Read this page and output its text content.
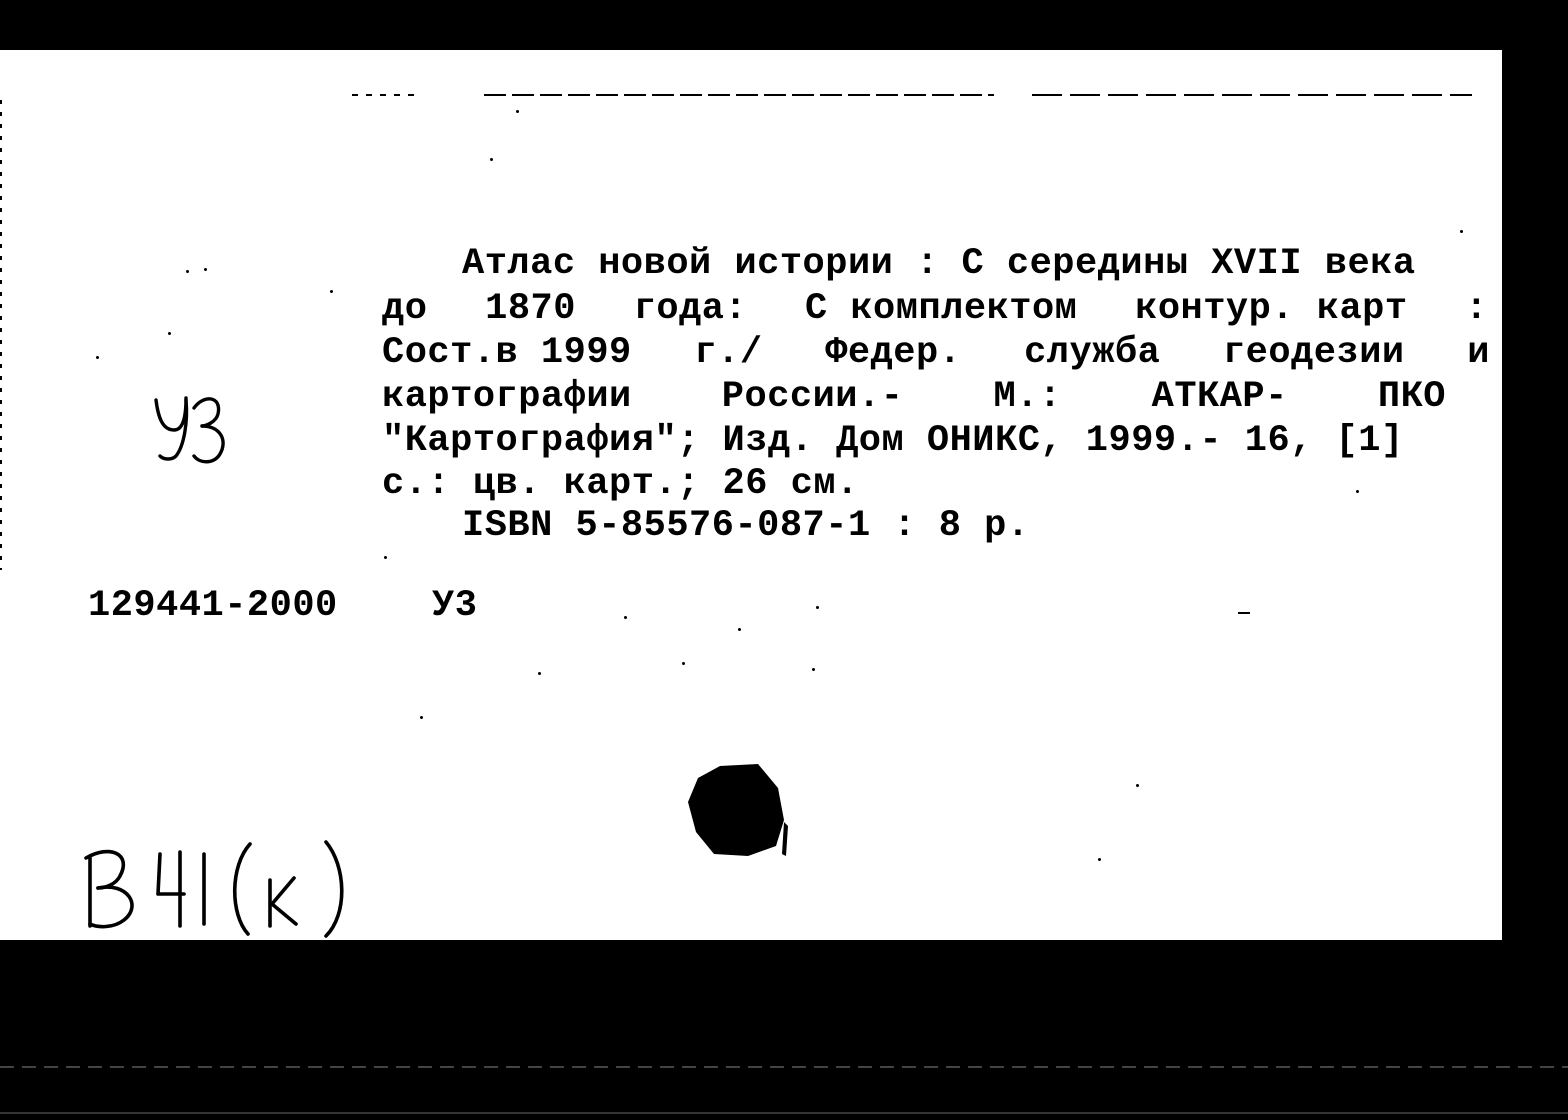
Атлас новой истории : С середины XVII века
до 1870 года: С комплектом контур. карт :
Сост.в 1999 г./ Федер. служба геодезии и
картографии России.- М.: АТКАР- ПКО
"Картография"; Изд. Дом ОНИКС, 1999.- 16, [1]
с.: цв. карт.; 26 см.
ISBN 5-85576-087-1 : 8 р.
129441-2000	У3
